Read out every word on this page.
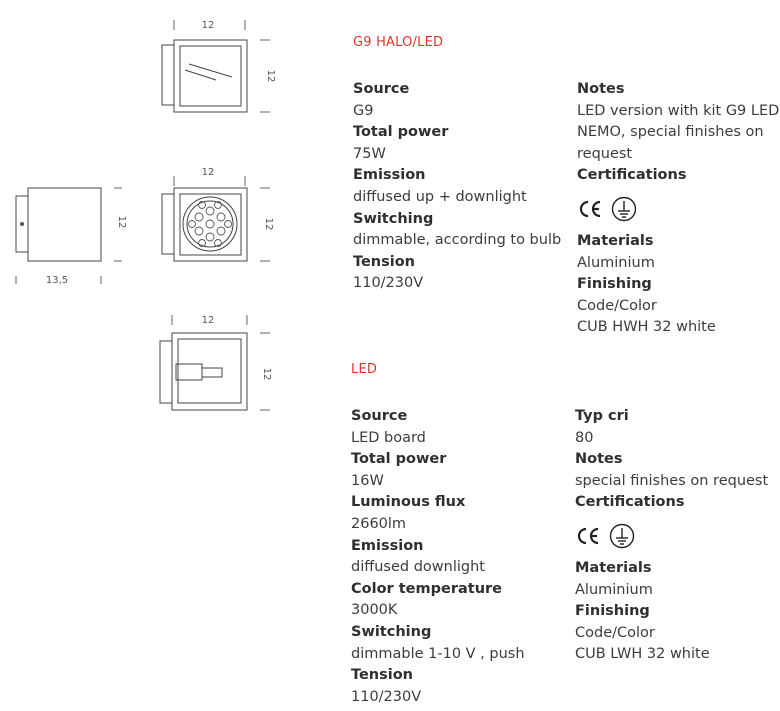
12
12
12
13,5
12
12
12
12
G9 HALO/LED
Source
G9
Total power
75W
Emission
diffused up + downlight
Switching
dimmable, according to bulb
Tension
110/230V
Notes
LED version with kit G9 LED
NEMO, special finishes on
request
Certifications
Materials
Aluminium
Finishing
Code/Color
CUB HWH 32 white
LED
Source
LED board
Total power
16W
Luminous flux
2660lm
Emission
diffused downlight
Color temperature
3000K
Switching
dimmable 1-10 V , push
Tension
110/230V
Typ cri
80
Notes
special finishes on request
Certifications
Materials
Aluminium
Finishing
Code/Color
CUB LWH 32 white
